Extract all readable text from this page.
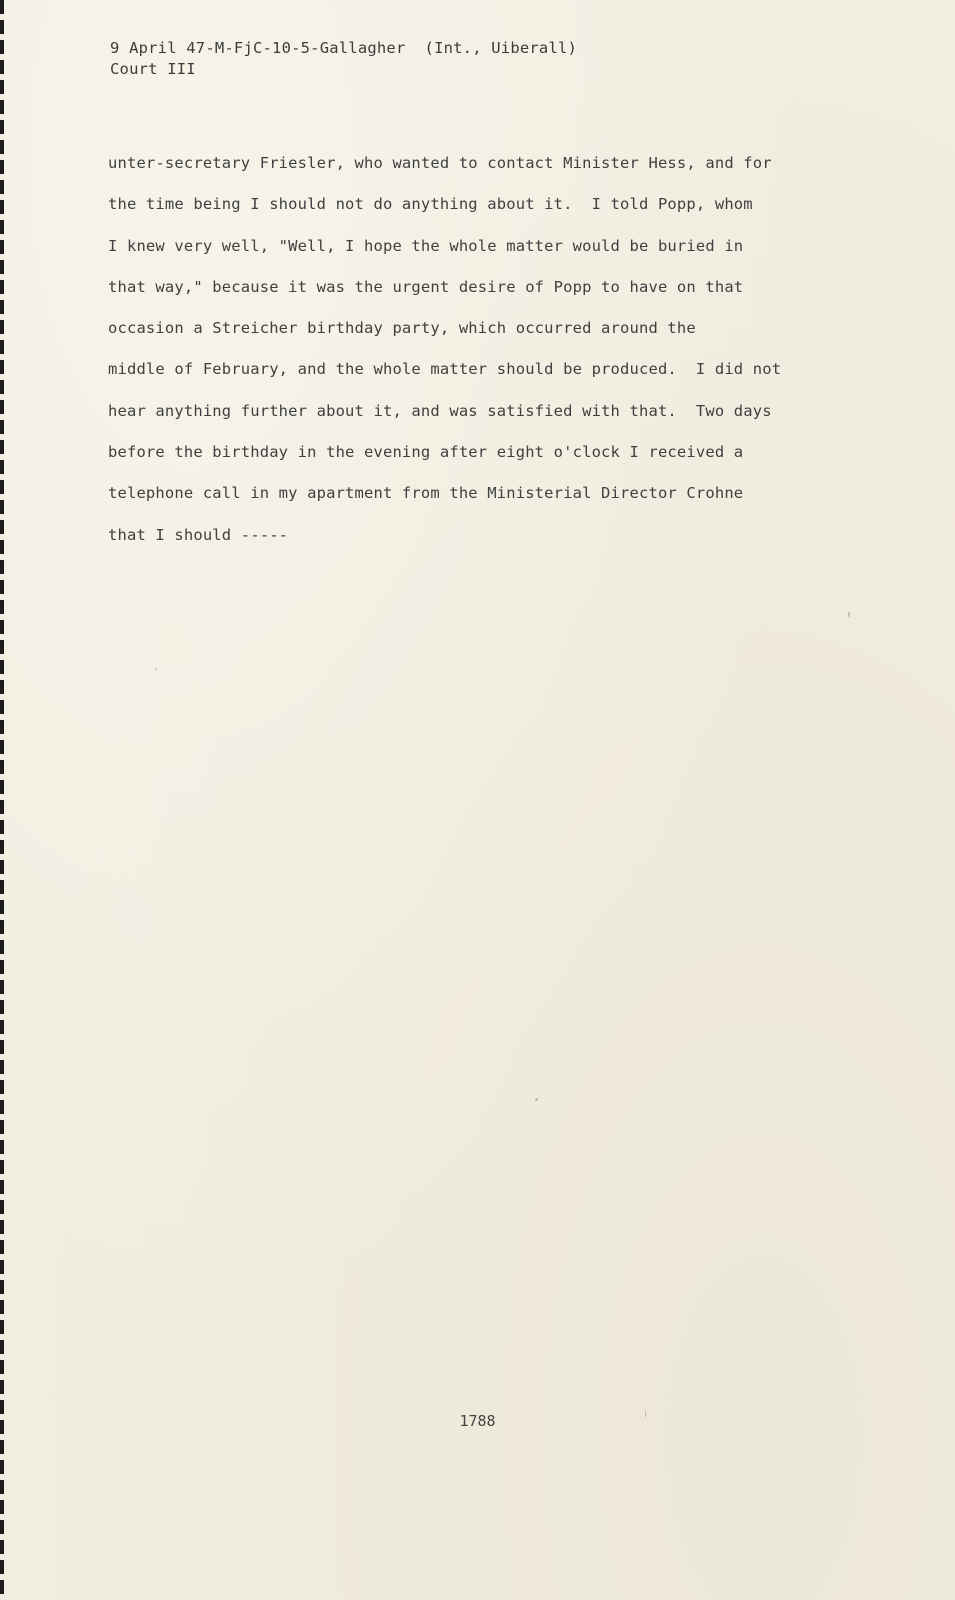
9 April 47-M-FjC-10-5-Gallagher  (Int., Uiberall)
Court III
unter-secretary Friesler, who wanted to contact Minister Hess, and for
the time being I should not do anything about it.  I told Popp, whom
I knew very well, "Well, I hope the whole matter would be buried in
that way," because it was the urgent desire of Popp to have on that
occasion a Streicher birthday party, which occurred around the
middle of February, and the whole matter should be produced.  I did not
hear anything further about it, and was satisfied with that.  Two days
before the birthday in the evening after eight o'clock I received a
telephone call in my apartment from the Ministerial Director Crohne
that I should -----
1788
